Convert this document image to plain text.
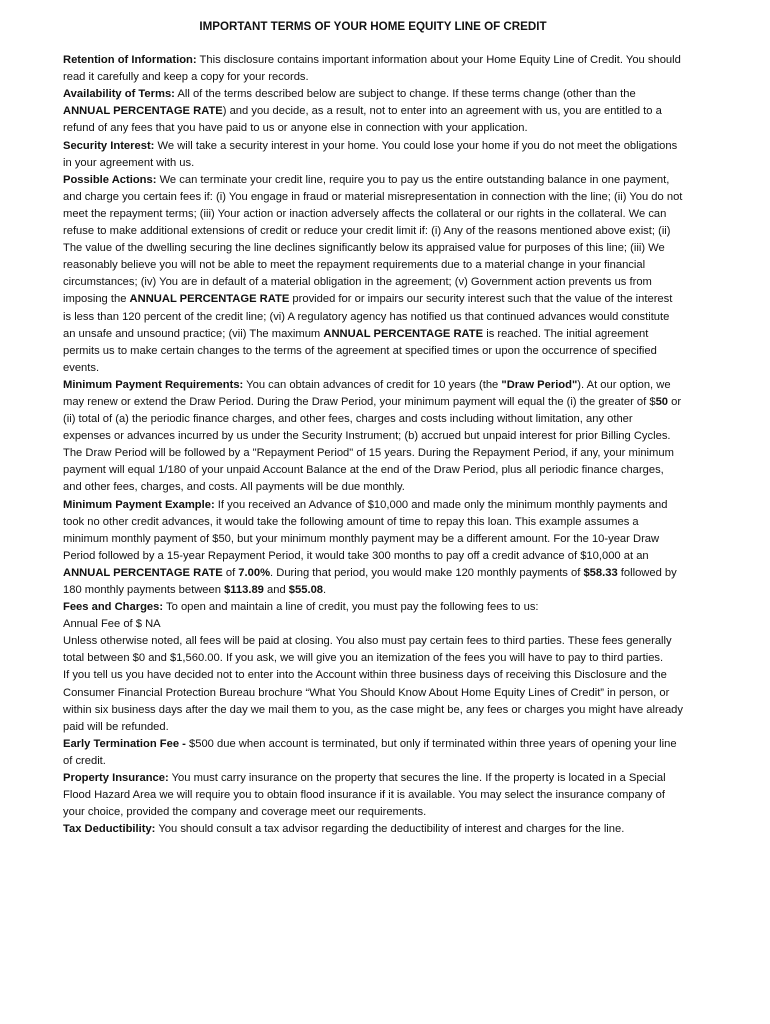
IMPORTANT TERMS OF YOUR HOME EQUITY LINE OF CREDIT

Retention of Information: This disclosure contains important information about your Home Equity Line of Credit. You should read it carefully and keep a copy for your records.

Availability of Terms: All of the terms described below are subject to change. If these terms change (other than the ANNUAL PERCENTAGE RATE) and you decide, as a result, not to enter into an agreement with us, you are entitled to a refund of any fees that you have paid to us or anyone else in connection with your application.

Security Interest: We will take a security interest in your home. You could lose your home if you do not meet the obligations in your agreement with us.

Possible Actions: We can terminate your credit line, require you to pay us the entire outstanding balance in one payment, and charge you certain fees if: (i) You engage in fraud or material misrepresentation in connection with the line; (ii) You do not meet the repayment terms; (iii) Your action or inaction adversely affects the collateral or our rights in the collateral. We can refuse to make additional extensions of credit or reduce your credit limit if: (i) Any of the reasons mentioned above exist; (ii) The value of the dwelling securing the line declines significantly below its appraised value for purposes of this line; (iii) We reasonably believe you will not be able to meet the repayment requirements due to a material change in your financial circumstances; (iv) You are in default of a material obligation in the agreement; (v) Government action prevents us from imposing the ANNUAL PERCENTAGE RATE provided for or impairs our security interest such that the value of the interest is less than 120 percent of the credit line; (vi) A regulatory agency has notified us that continued advances would constitute an unsafe and unsound practice; (vii) The maximum ANNUAL PERCENTAGE RATE is reached. The initial agreement permits us to make certain changes to the terms of the agreement at specified times or upon the occurrence of specified events.

Minimum Payment Requirements: You can obtain advances of credit for 10 years (the "Draw Period"). At our option, we may renew or extend the Draw Period. During the Draw Period, your minimum payment will equal the (i) the greater of $50 or (ii) total of (a) the periodic finance charges, and other fees, charges and costs including without limitation, any other expenses or advances incurred by us under the Security Instrument; (b) accrued but unpaid interest for prior Billing Cycles. The Draw Period will be followed by a "Repayment Period" of 15 years. During the Repayment Period, if any, your minimum payment will equal 1/180 of your unpaid Account Balance at the end of the Draw Period, plus all periodic finance charges, and other fees, charges, and costs. All payments will be due monthly.

Minimum Payment Example: If you received an Advance of $10,000 and made only the minimum monthly payments and took no other credit advances, it would take the following amount of time to repay this loan. This example assumes a minimum monthly payment of $50, but your minimum monthly payment may be a different amount. For the 10-year Draw Period followed by a 15-year Repayment Period, it would take 300 months to pay off a credit advance of $10,000 at an ANNUAL PERCENTAGE RATE of 7.00%. During that period, you would make 120 monthly payments of $58.33 followed by 180 monthly payments between $113.89 and $55.08.

Fees and Charges: To open and maintain a line of credit, you must pay the following fees to us:

Annual Fee of $ NA

Unless otherwise noted, all fees will be paid at closing. You also must pay certain fees to third parties. These fees generally total between $0 and $1,560.00. If you ask, we will give you an itemization of the fees you will have to pay to third parties.

If you tell us you have decided not to enter into the Account within three business days of receiving this Disclosure and the Consumer Financial Protection Bureau brochure “What You Should Know About Home Equity Lines of Credit” in person, or within six business days after the day we mail them to you, as the case might be, any fees or charges you might have already paid will be refunded.

Early Termination Fee - $500 due when account is terminated, but only if terminated within three years of opening your line of credit.

Property Insurance: You must carry insurance on the property that secures the line. If the property is located in a Special Flood Hazard Area we will require you to obtain flood insurance if it is available. You may select the insurance company of your choice, provided the company and coverage meet our requirements.

Tax Deductibility: You should consult a tax advisor regarding the deductibility of interest and charges for the line.
